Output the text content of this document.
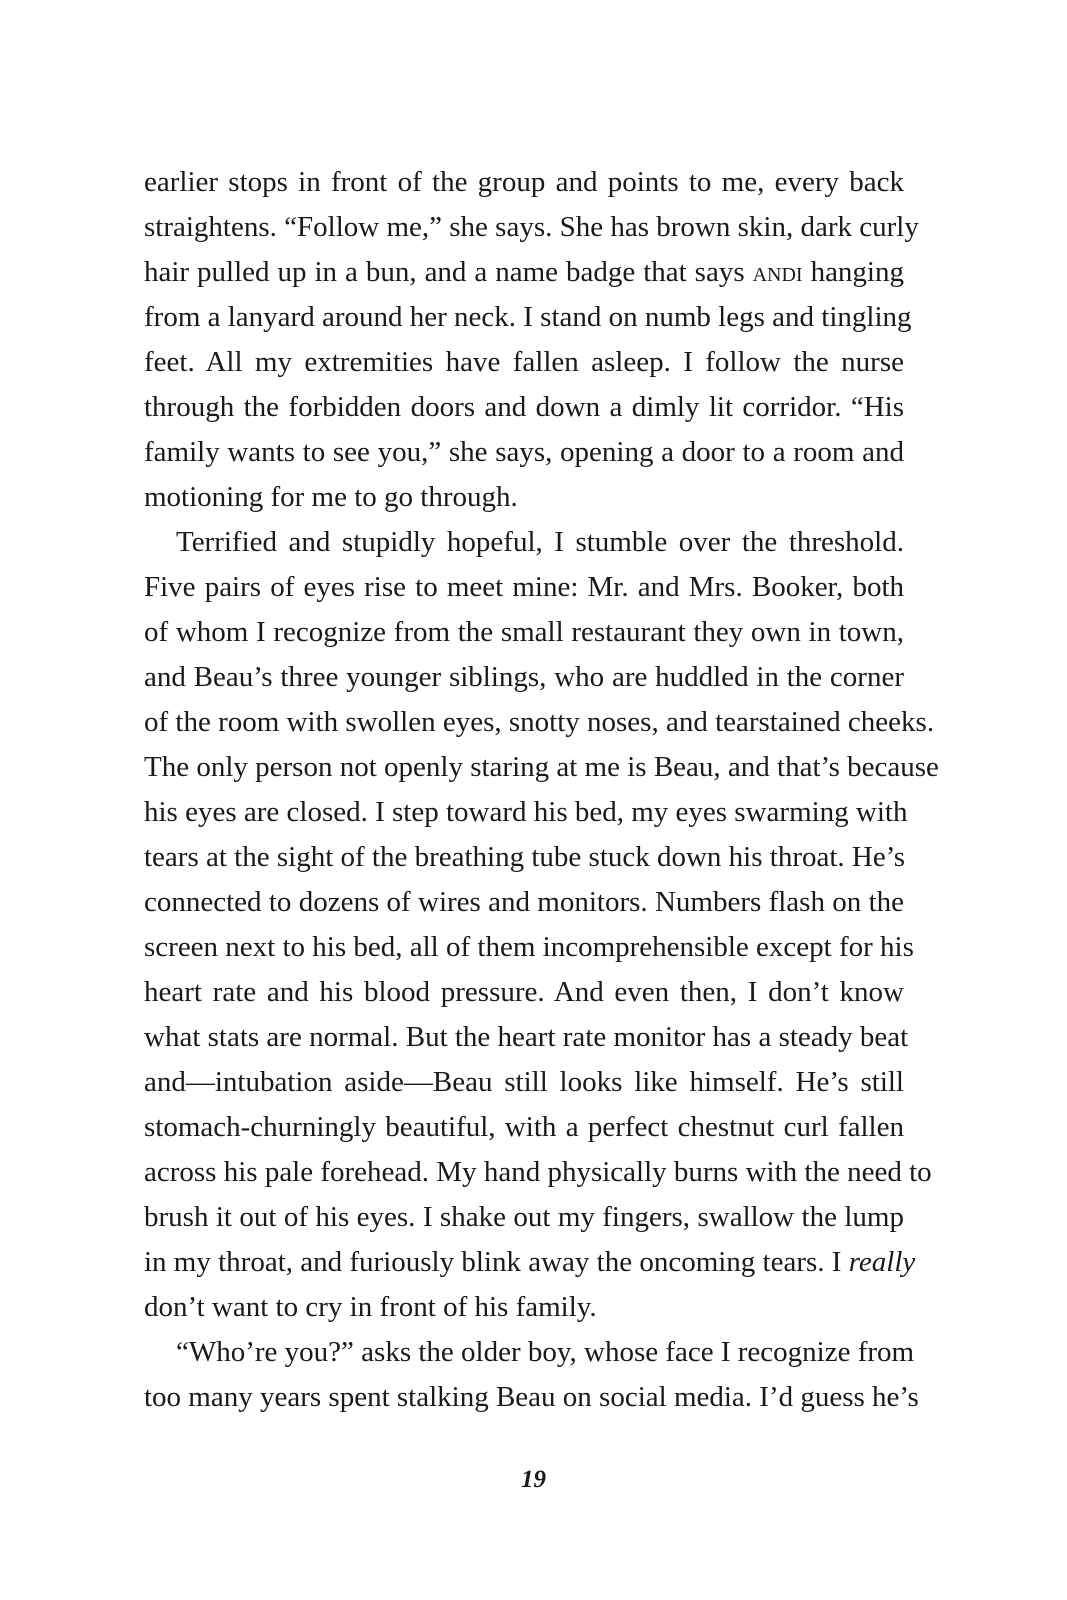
earlier stops in front of the group and points to me, every back
straightens. “Follow me,” she says. She has brown skin, dark curly
hair pulled up in a bun, and a name badge that says andi hanging
from a lanyard around her neck. I stand on numb legs and tingling
feet. All my extremities have fallen asleep. I follow the nurse
through the forbidden doors and down a dimly lit corridor. “His
family wants to see you,” she says, opening a door to a room and
motioning for me to go through.
Terrified and stupidly hopeful, I stumble over the threshold.
Five pairs of eyes rise to meet mine: Mr. and Mrs. Booker, both
of whom I recognize from the small restaurant they own in town,
and Beau’s three younger siblings, who are huddled in the corner
of the room with swollen eyes, snotty noses, and tearstained cheeks.
The only person not openly staring at me is Beau, and that’s because
his eyes are closed. I step toward his bed, my eyes swarming with
tears at the sight of the breathing tube stuck down his throat. He’s
connected to dozens of wires and monitors. Numbers flash on the
screen next to his bed, all of them incomprehensible except for his
heart rate and his blood pressure. And even then, I don’t know
what stats are normal. But the heart rate monitor has a steady beat
and—intubation aside—Beau still looks like himself. He’s still
stomach-churningly beautiful, with a perfect chestnut curl fallen
across his pale forehead. My hand physically burns with the need to
brush it out of his eyes. I shake out my fingers, swallow the lump
in my throat, and furiously blink away the oncoming tears. I really
don’t want to cry in front of his family.
“Who’re you?” asks the older boy, whose face I recognize from
too many years spent stalking Beau on social media. I’d guess he’s
19
